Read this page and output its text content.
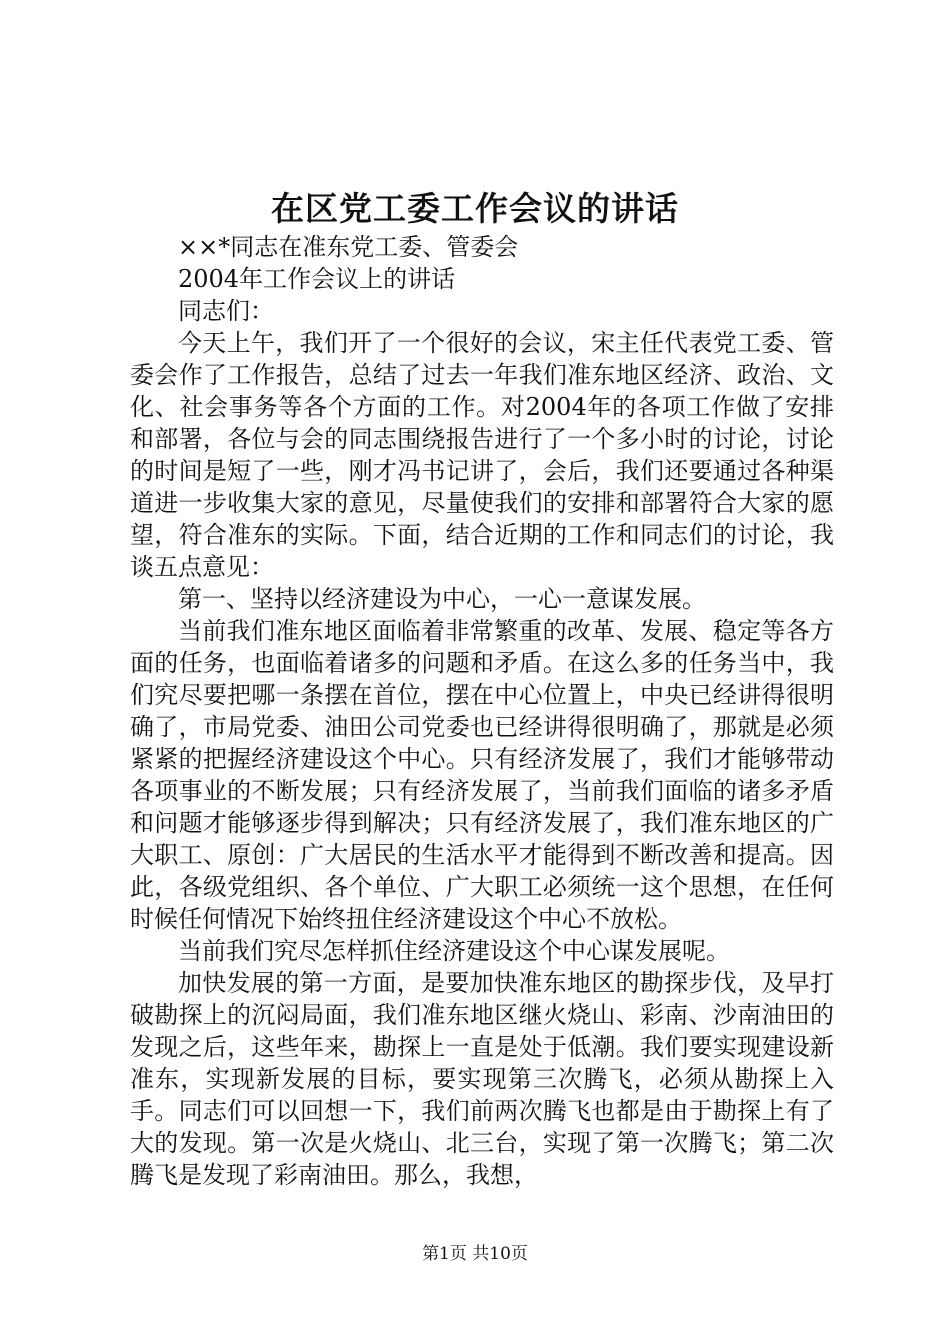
在区党工委工作会议的讲话

××*同志在准东党工委、管委会

2004年工作会议上的讲话

同志们：

今天上午，我们开了一个很好的会议，宋主任代表党工委、管委会作了工作报告，总结了过去一年我们准东地区经济、政治、文化、社会事务等各个方面的工作。对2004年的各项工作做了安排和部署，各位与会的同志围绕报告进行了一个多小时的讨论，讨论的时间是短了一些，刚才冯书记讲了，会后，我们还要通过各种渠道进一步收集大家的意见，尽量使我们的安排和部署符合大家的愿望，符合准东的实际。下面，结合近期的工作和同志们的讨论，我谈五点意见：

第一、坚持以经济建设为中心，一心一意谋发展。

当前我们准东地区面临着非常繁重的改革、发展、稳定等各方面的任务，也面临着诸多的问题和矛盾。在这么多的任务当中，我们究尽要把哪一条摆在首位，摆在中心位置上，中央已经讲得很明确了，市局党委、油田公司党委也已经讲得很明确了，那就是必须紧紧的把握经济建设这个中心。只有经济发展了，我们才能够带动各项事业的不断发展；只有经济发展了，当前我们面临的诸多矛盾和问题才能够逐步得到解决；只有经济发展了，我们准东地区的广大职工、原创：广大居民的生活水平才能得到不断改善和提高。因此，各级党组织、各个单位、广大职工必须统一这个思想，在任何时候任何情况下始终扭住经济建设这个中心不放松。

当前我们究尽怎样抓住经济建设这个中心谋发展呢。

加快发展的第一方面，是要加快准东地区的勘探步伐，及早打破勘探上的沉闷局面，我们准东地区继火烧山、彩南、沙南油田的发现之后，这些年来，勘探上一直是处于低潮。我们要实现建设新准东，实现新发展的目标，要实现第三次腾飞，必须从勘探上入手。同志们可以回想一下，我们前两次腾飞也都是由于勘探上有了大的发现。第一次是火烧山、北三台，实现了第一次腾飞；第二次腾飞是发现了彩南油田。那么，我想，

第1页 共10页
